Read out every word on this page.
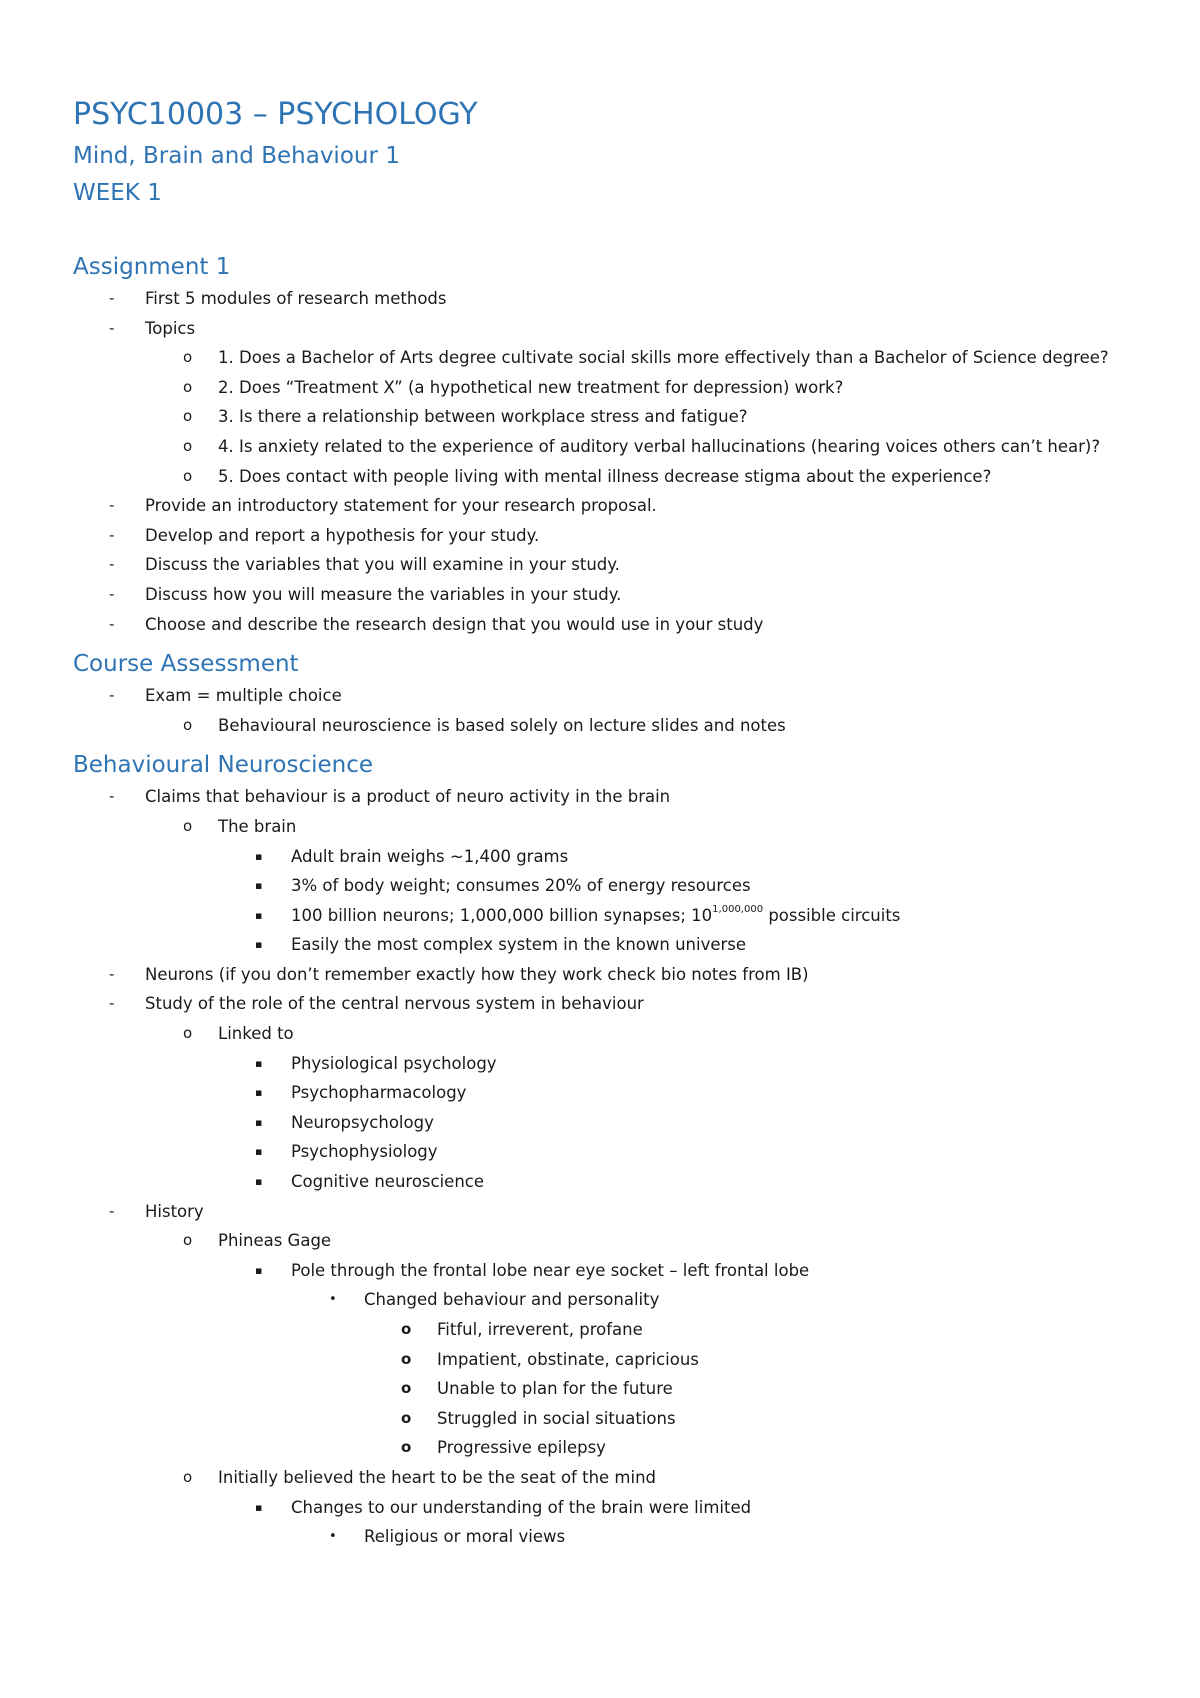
PSYC10003 – PSYCHOLOGY
Mind, Brain and Behaviour 1
WEEK 1
Assignment 1
- First 5 modules of research methods
- Topics
o 1. Does a Bachelor of Arts degree cultivate social skills more effectively than a Bachelor of Science degree?
o 2. Does “Treatment X” (a hypothetical new treatment for depression) work?
o 3. Is there a relationship between workplace stress and fatigue?
o 4. Is anxiety related to the experience of auditory verbal hallucinations (hearing voices others can’t hear)?
o 5. Does contact with people living with mental illness decrease stigma about the experience?
- Provide an introductory statement for your research proposal.
- Develop and report a hypothesis for your study.
- Discuss the variables that you will examine in your study.
- Discuss how you will measure the variables in your study.
- Choose and describe the research design that you would use in your study
Course Assessment
- Exam = multiple choice
o Behavioural neuroscience is based solely on lecture slides and notes
Behavioural Neuroscience
- Claims that behaviour is a product of neuro activity in the brain
o The brain
▪ Adult brain weighs ~1,400 grams
▪ 3% of body weight; consumes 20% of energy resources
▪ 100 billion neurons; 1,000,000 billion synapses; 10$^{1,000,000}$ possible circuits
▪ Easily the most complex system in the known universe
- Neurons (if you don’t remember exactly how they work check bio notes from IB)
- Study of the role of the central nervous system in behaviour
o Linked to
▪ Physiological psychology
▪ Psychopharmacology
▪ Neuropsychology
▪ Psychophysiology
▪ Cognitive neuroscience
- History
o Phineas Gage
▪ Pole through the frontal lobe near eye socket – left frontal lobe
• Changed behaviour and personality
o Fitful, irreverent, profane
o Impatient, obstinate, capricious
o Unable to plan for the future
o Struggled in social situations
o Progressive epilepsy
o Initially believed the heart to be the seat of the mind
▪ Changes to our understanding of the brain were limited
• Religious or moral views
